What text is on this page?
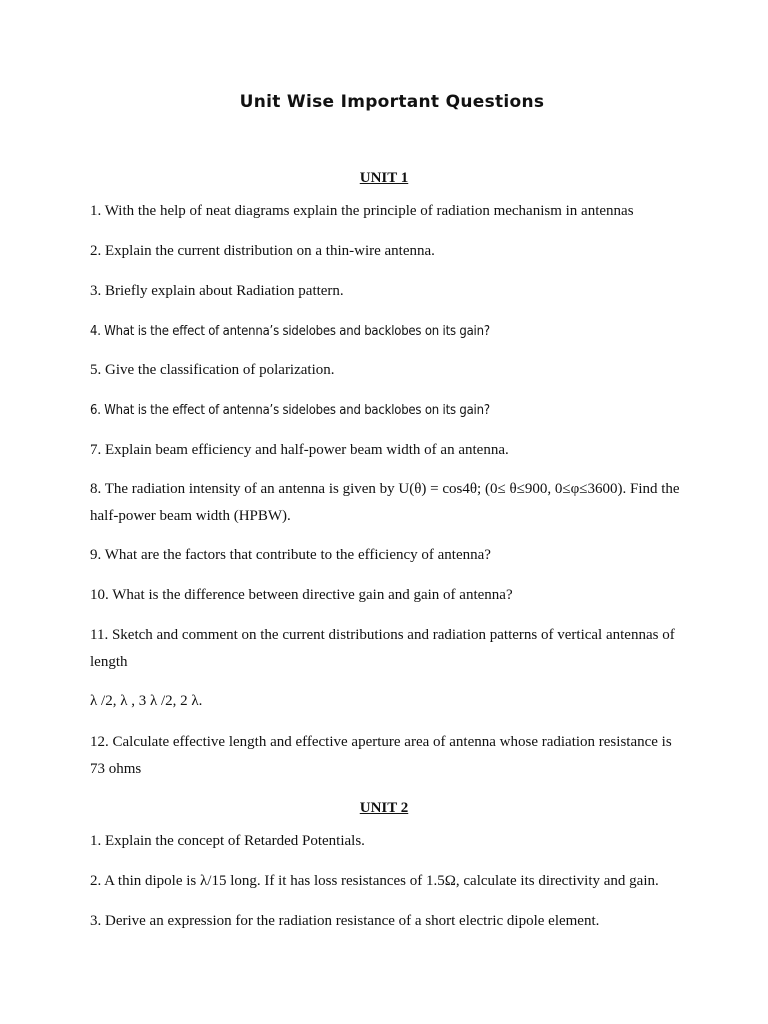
Unit Wise Important Questions
UNIT 1

1. With the help of neat diagrams explain the principle of radiation mechanism in antennas

2. Explain the current distribution on a thin-wire antenna.

3. Briefly explain about Radiation pattern.

4. What is the effect of antenna’s sidelobes and backlobes on its gain?

5. Give the classification of polarization.

6. What is the effect of antenna’s sidelobes and backlobes on its gain?

7. Explain beam efficiency and half-power beam width of an antenna.

8. The radiation intensity of an antenna is given by U(θ) = cos4θ; (0≤ θ≤900, 0≤φ≤3600). Find the half-power beam width (HPBW).

9. What are the factors that contribute to the efficiency of antenna?

10. What is the difference between directive gain and gain of antenna?

11. Sketch and comment on the current distributions and radiation patterns of vertical antennas of length

λ /2, λ , 3 λ /2, 2 λ.

12. Calculate effective length and effective aperture area of antenna whose radiation resistance is 73 ohms

UNIT 2

1. Explain the concept of Retarded Potentials.

2. A thin dipole is λ/15 long. If it has loss resistances of 1.5Ω, calculate its directivity and gain.

3. Derive an expression for the radiation resistance of a short electric dipole element.
